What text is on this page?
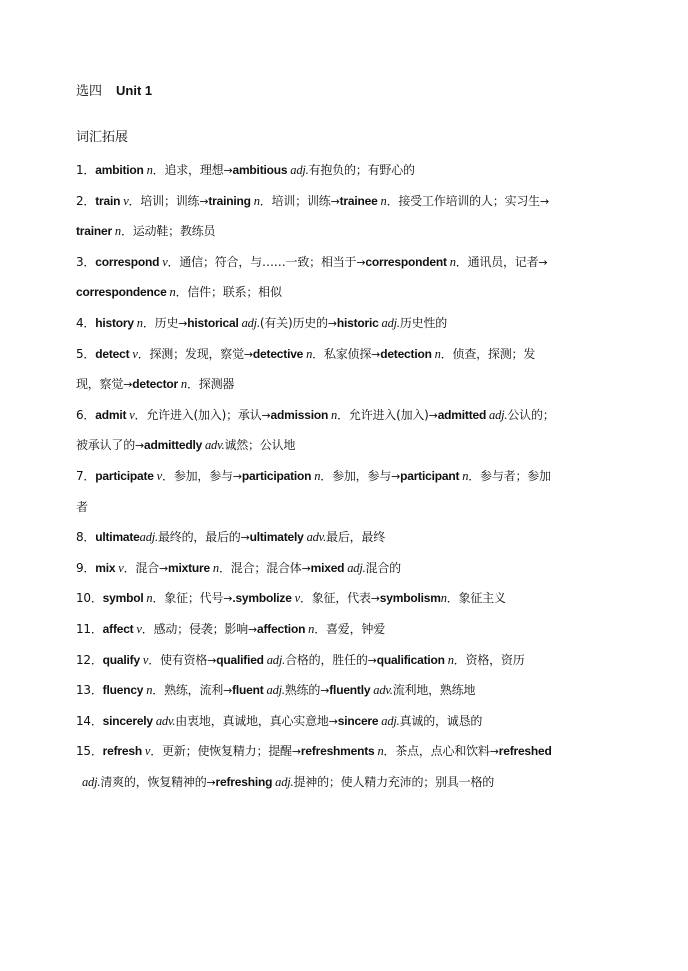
选四 Unit 1
词汇拓展
1．ambition n．追求，理想→ambitious adj.有抱负的；有野心的
2．train v．培训；训练→training n．培训；训练→trainee n．接受工作培训的人；实习生→
trainer n．运动鞋；教练员
3．correspond v．通信；符合，与……一致；相当于→correspondent n．通讯员，记者→
correspondence n．信件；联系；相似
4．history n．历史→historical adj.(有关)历史的→historic adj.历史性的
5．detect v．探测；发现，察觉→detective n．私家侦探→detection n．侦查，探测；发
现，察觉→detector n．探测器
6．admit v．允许进入(加入)；承认→admission n．允许进入(加入)→admitted adj.公认的；
被承认了的→admittedly adv.诚然；公认地
7．participate v．参加，参与→participation n．参加，参与→participant n．参与者；参加
者
8．ultimateadj.最终的，最后的→ultimately adv.最后，最终
9．mix v．混合→mixture n．混合；混合体→mixed adj.混合的
10．symbol n．象征；代号→.symbolize v．象征，代表→symbolismn．象征主义
11．affect v．感动；侵袭；影响→affection n．喜爱，钟爱
12．qualify v．使有资格→qualified adj.合格的，胜任的→qualification n．资格，资历
13．fluency n．熟练，流利→fluent adj.熟练的→fluently adv.流利地，熟练地
14．sincerely adv.由衷地，真诚地，真心实意地→sincere adj.真诚的，诚恳的
15．refresh v．更新；使恢复精力；提醒→refreshments n．茶点，点心和饮料→refreshed
adj.清爽的，恢复精神的→refreshing adj.提神的；使人精力充沛的；别具一格的
